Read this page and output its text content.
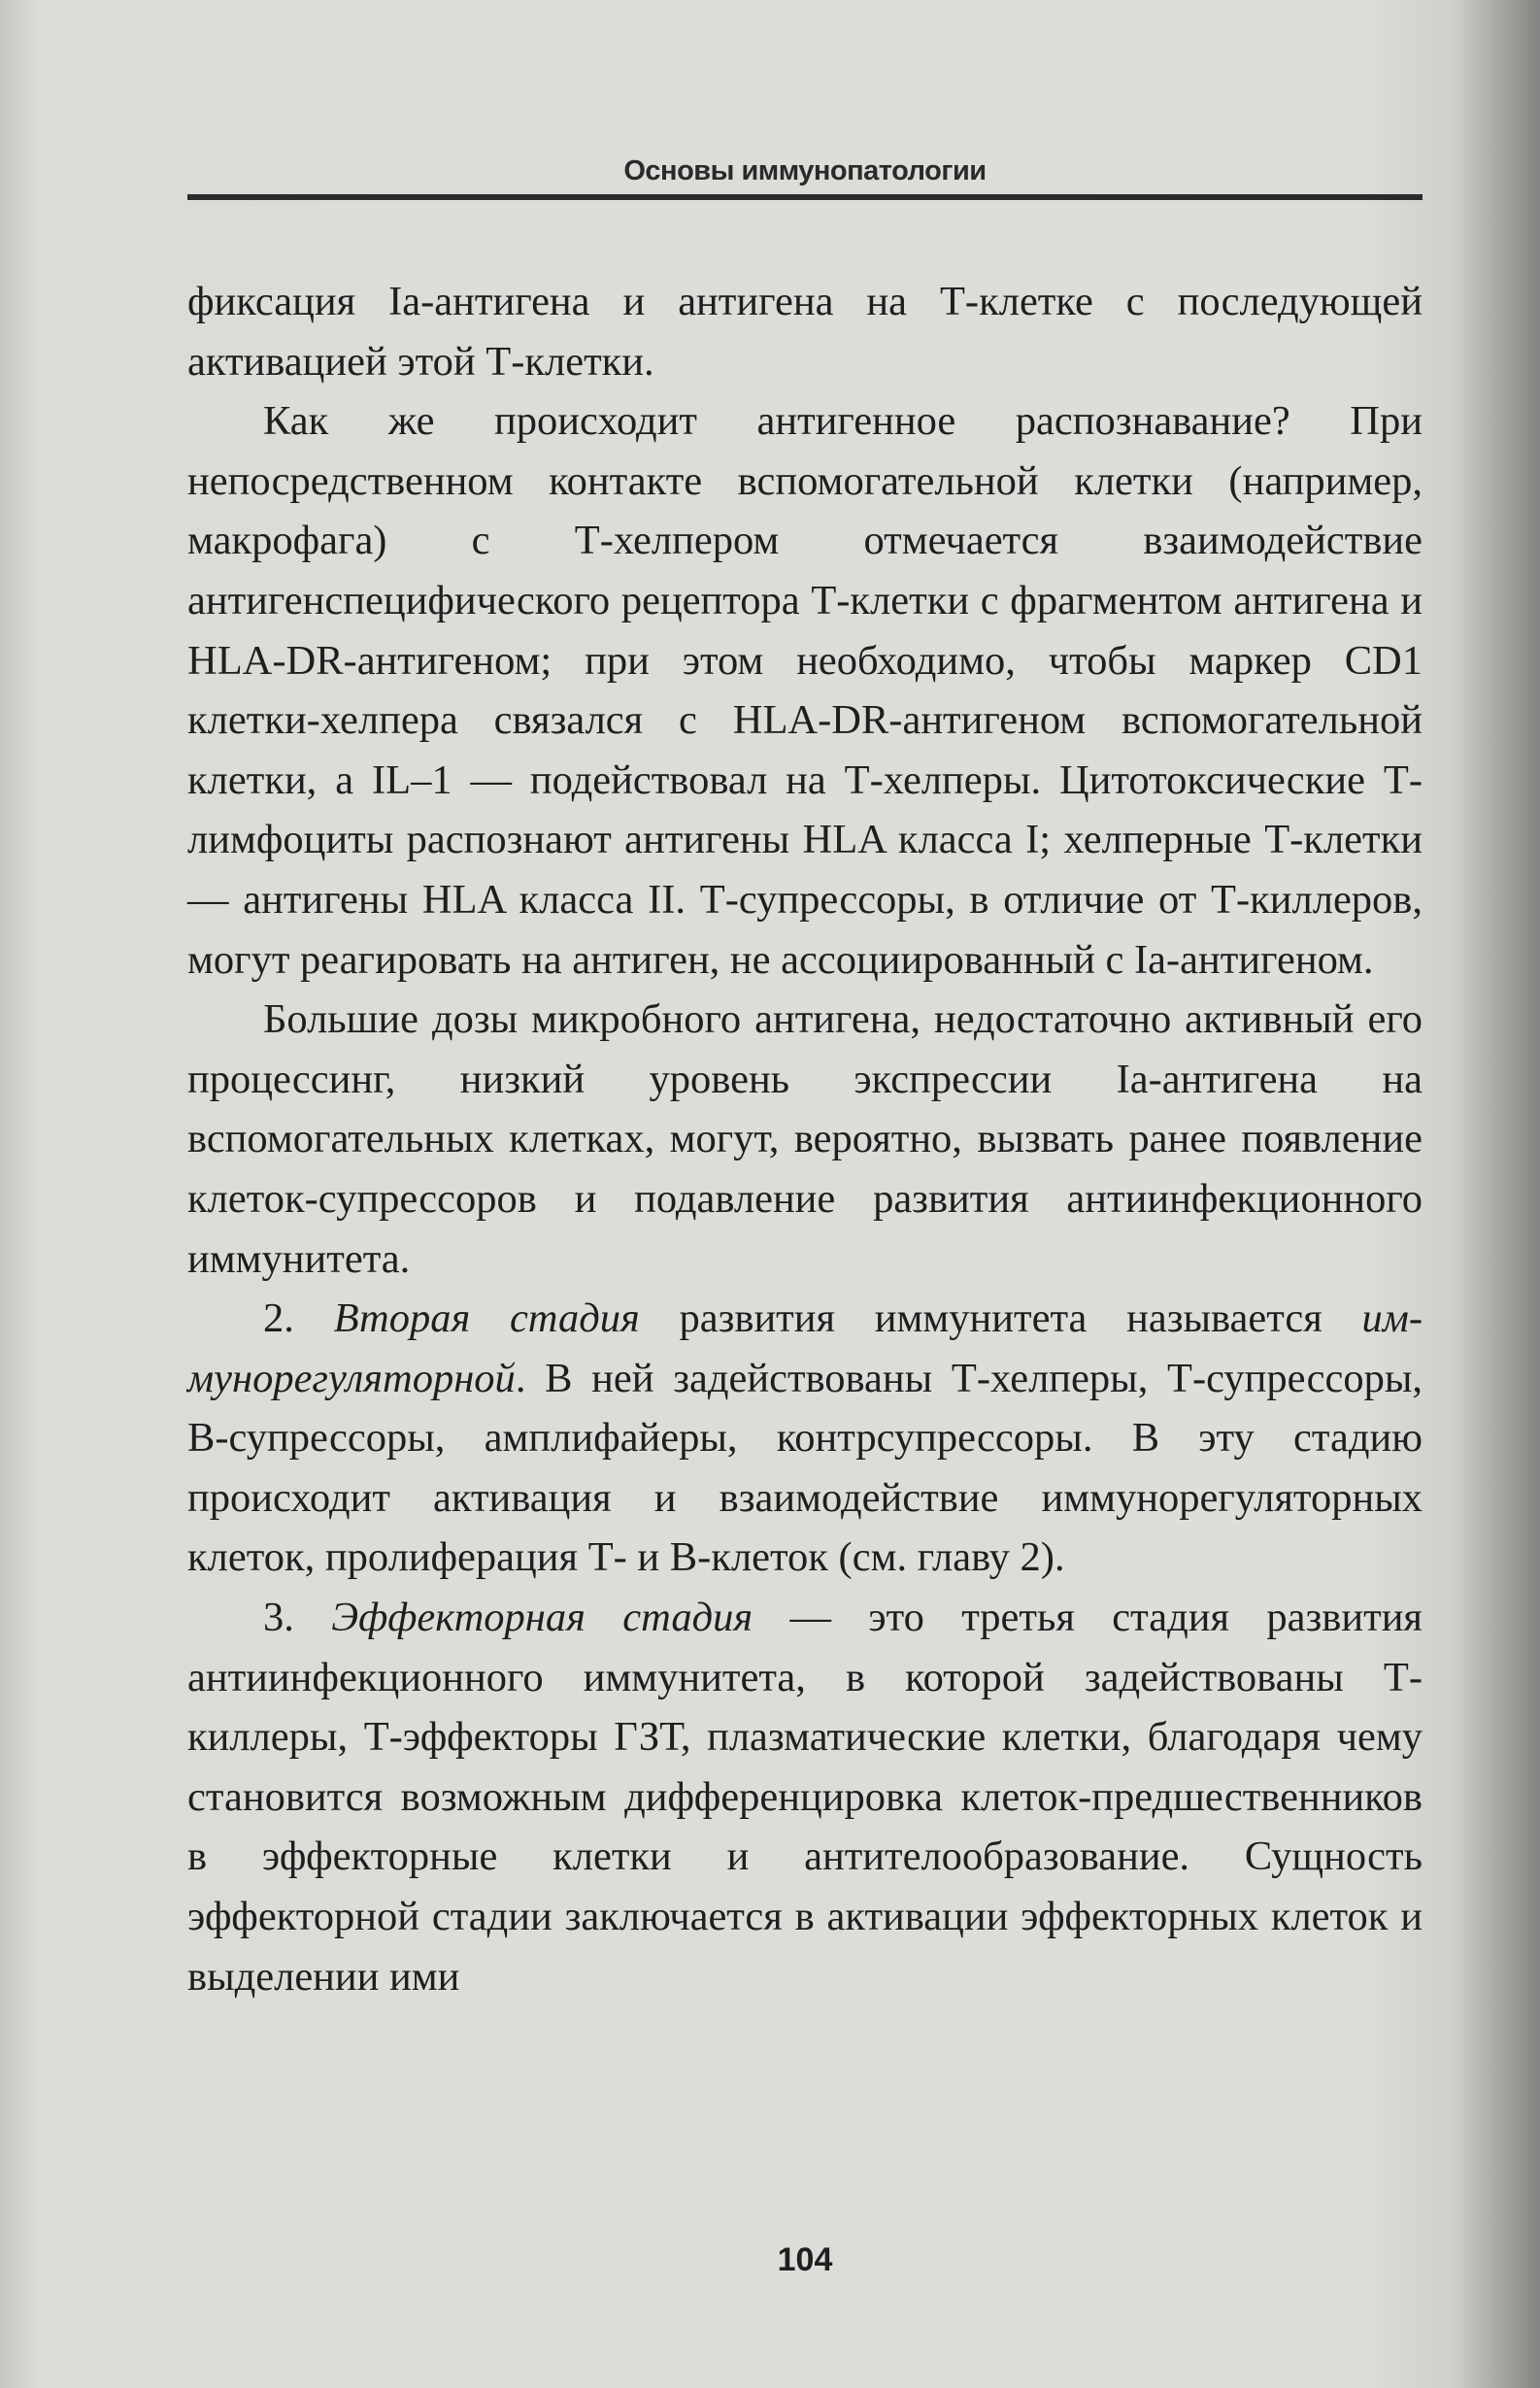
Основы иммунопатологии

фиксация Ia-антигена и антигена на Т-клетке с последующей активацией этой Т-клетки.

Как же происходит антигенное распознавание? При непосредственном контакте вспомогательной клетки (например, макрофага) с Т-хелпером отмечается взаимодействие антигенспецифического рецептора Т-клетки с фрагментом антигена и HLA-DR-антигеном; при этом необходимо, чтобы маркер CD1 клетки-хелпера связался с HLA-DR-антигеном вспомогательной клетки, а IL–1 — подействовал на Т-хелперы. Цитотоксические Т-лимфоциты распознают антигены HLA класса I; хелперные Т-клетки — антигены HLA класса II. Т-супрессоры, в отличие от Т-киллеров, могут реагировать на антиген, не ассоциированный с Ia-антигеном.

Большие дозы микробного антигена, недостаточно активный его процессинг, низкий уровень экспрессии Ia-антигена на вспомогательных клетках, могут, вероятно, вызвать ранее появление клеток-супрессоров и подавление развития антиинфекционного иммунитета.

2. Вторая стадия развития иммунитета называется иммунорегуляторной. В ней задействованы Т-хелперы, Т-супрессоры, В-супрессоры, амплифайеры, контрсупрессоры. В эту стадию происходит активация и взаимодействие иммунорегуляторных клеток, пролиферация Т- и В-клеток (см. главу 2).

3. Эффекторная стадия — это третья стадия развития антиинфекционного иммунитета, в которой задействованы Т-киллеры, Т-эффекторы ГЗТ, плазматические клетки, благодаря чему становится возможным дифференцировка клеток-предшественников в эффекторные клетки и антителообразование. Сущность эффекторной стадии заключается в активации эффекторных клеток и выделении ими

104
